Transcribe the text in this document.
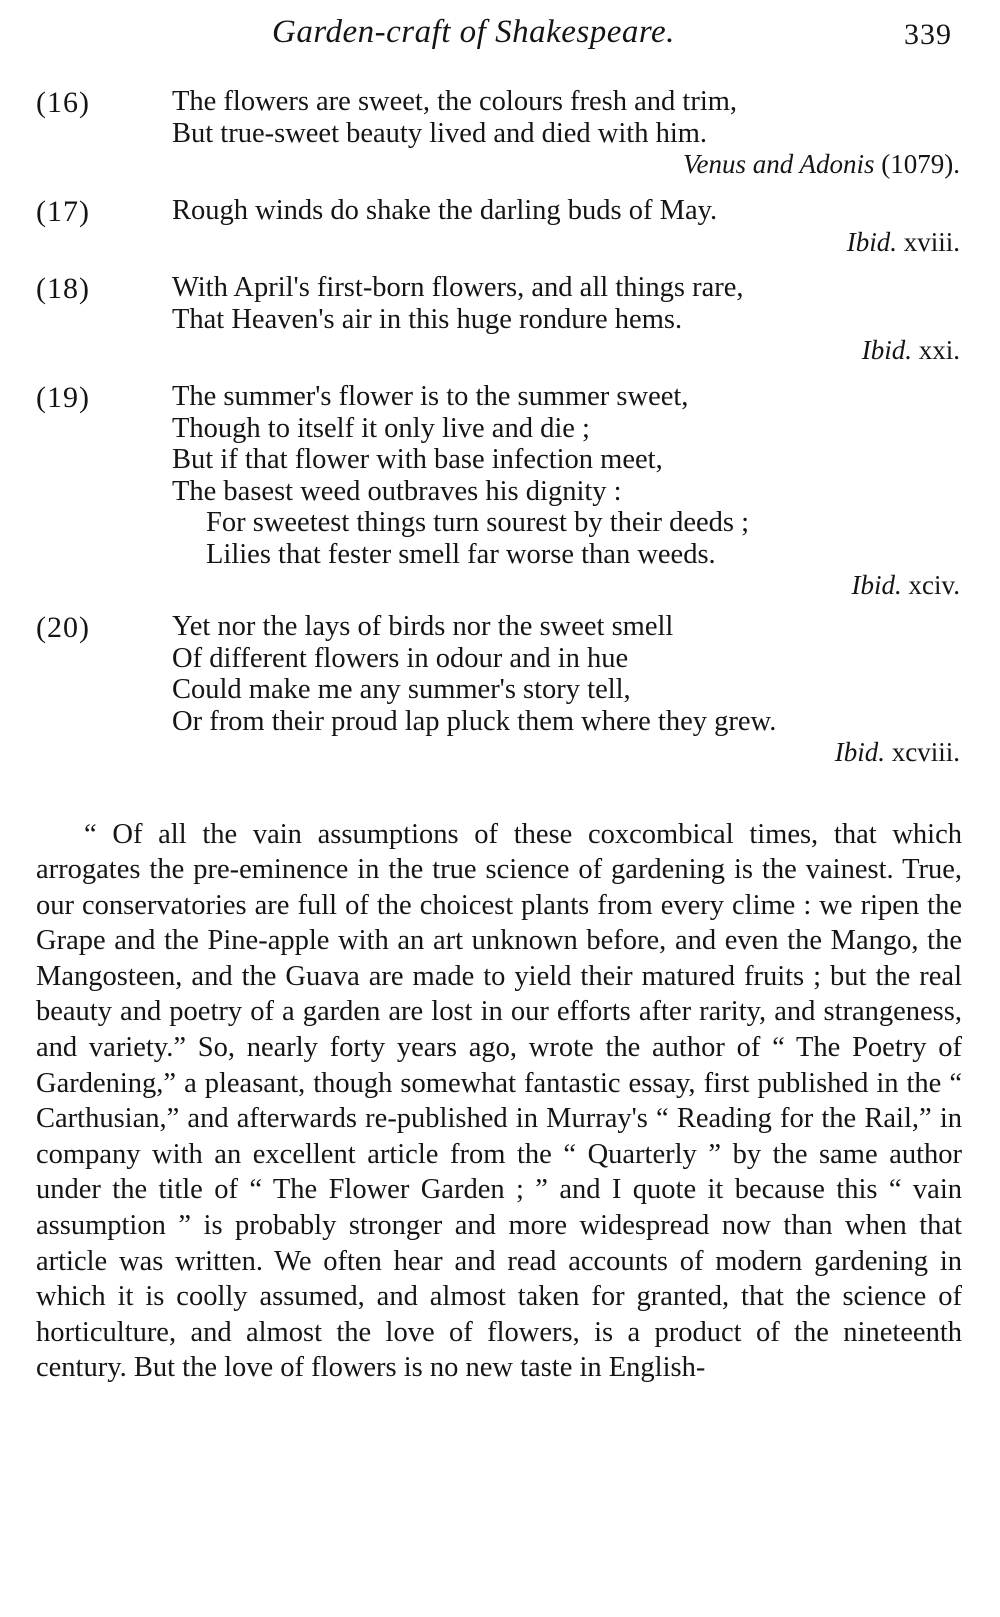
Garden-craft of Shakespeare.	339
(16)	The flowers are sweet, the colours fresh and trim,
But true-sweet beauty lived and died with him.
Venus and Adonis (1079).
(17)	Rough winds do shake the darling buds of May.
Ibid. xviii.
(18)	With April's first-born flowers, and all things rare,
That Heaven's air in this huge rondure hems.
Ibid. xxi.
(19)	The summer's flower is to the summer sweet,
Though to itself it only live and die ;
But if that flower with base infection meet,
The basest weed outbraves his dignity :
For sweetest things turn sourest by their deeds ;
Lilies that fester smell far worse than weeds.
Ibid. xciv.
(20)	Yet nor the lays of birds nor the sweet smell
Of different flowers in odour and in hue
Could make me any summer's story tell,
Or from their proud lap pluck them where they grew.
Ibid. xcviii.

“ Of all the vain assumptions of these coxcombical times, that which arrogates the pre-eminence in the true science of gardening is the vainest. True, our conservatories are full of the choicest plants from every clime : we ripen the Grape and the Pine-apple with an art unknown before, and even the Mango, the Mangosteen, and the Guava are made to yield their matured fruits ; but the real beauty and poetry of a garden are lost in our efforts after rarity, and strangeness, and variety.” So, nearly forty years ago, wrote the author of “ The Poetry of Gardening,” a pleasant, though somewhat fantastic essay, first published in the “ Carthusian,” and afterwards re-published in Murray's “ Reading for the Rail,” in company with an excellent article from the “ Quarterly ” by the same author under the title of “ The Flower Garden ; ” and I quote it because this “ vain assumption ” is probably stronger and more widespread now than when that article was written. We often hear and read accounts of modern gardening in which it is coolly assumed, and almost taken for granted, that the science of horticulture, and almost the love of flowers, is a product of the nineteenth century. But the love of flowers is no new taste in English-
